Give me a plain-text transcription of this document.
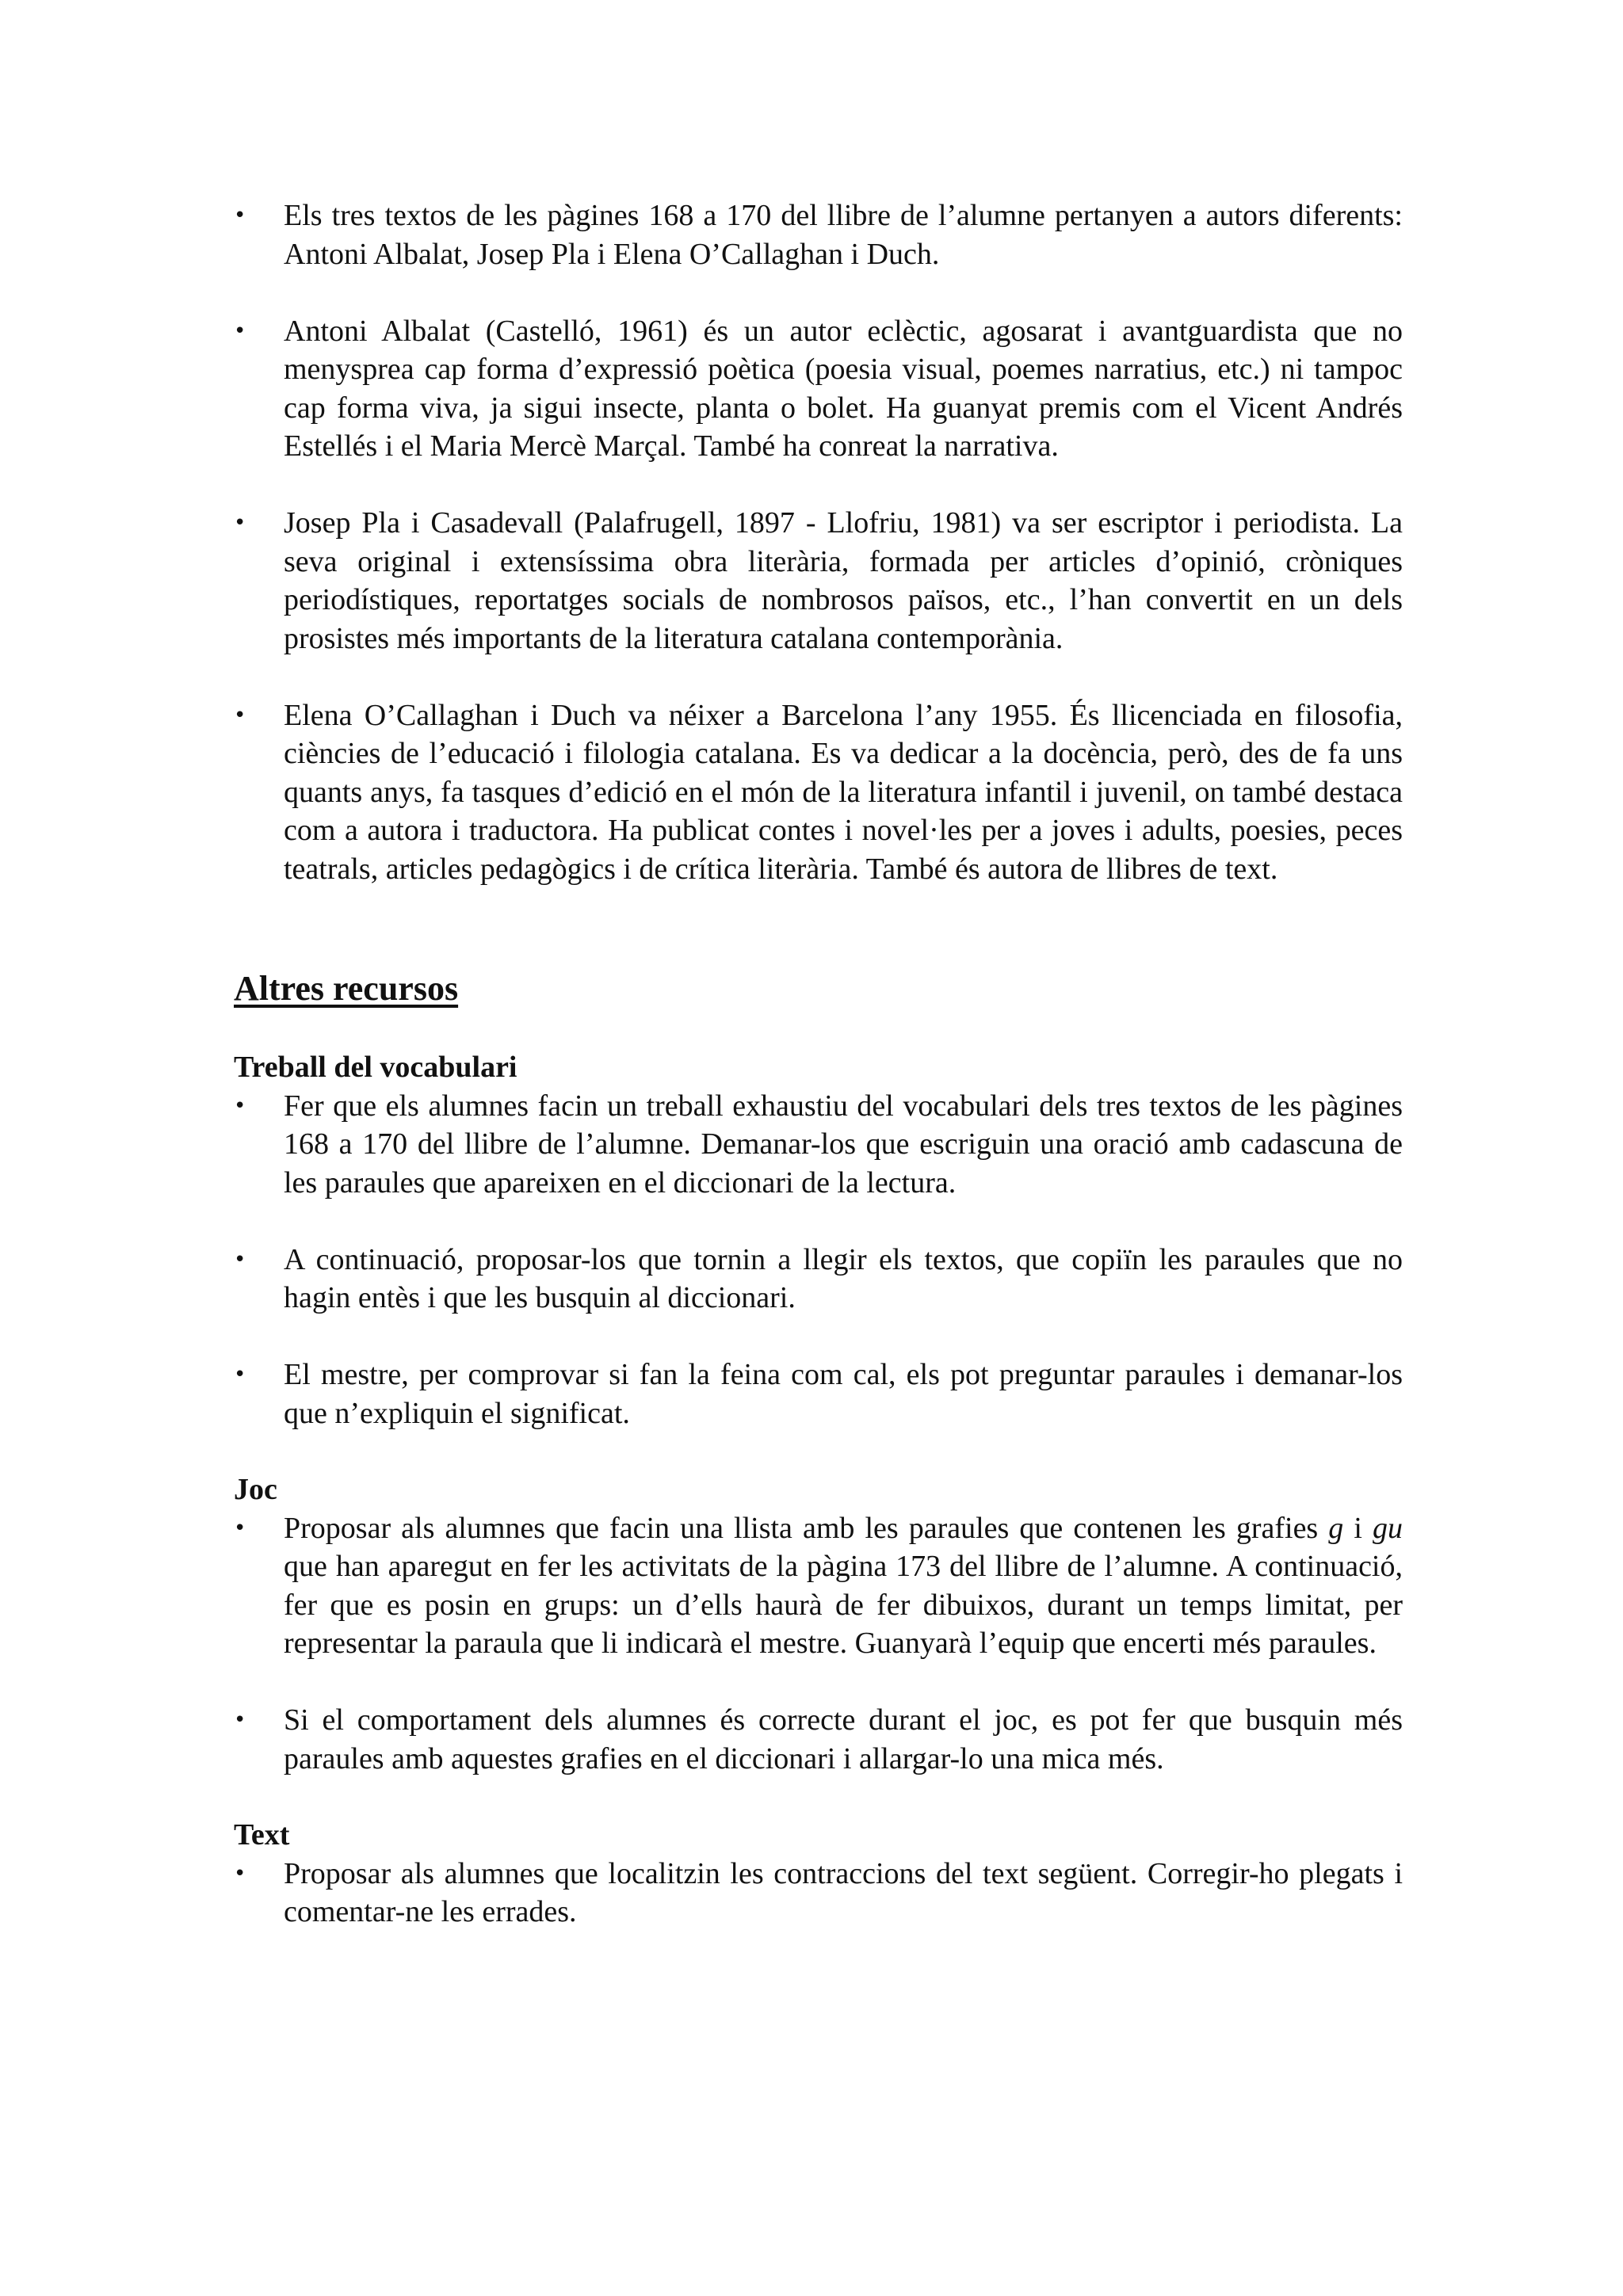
• Els tres textos de les pàgines 168 a 170 del llibre de l’alumne pertanyen a autors diferents: Antoni Albalat, Josep Pla i Elena O’Callaghan i Duch.
• Antoni Albalat (Castelló, 1961) és un autor eclèctic, agosarat i avantguardista que no menysprea cap forma d’expressió poètica (poesia visual, poemes narratius, etc.) ni tampoc cap forma viva, ja sigui insecte, planta o bolet. Ha guanyat premis com el Vicent Andrés Estellés i el Maria Mercè Marçal. També ha conreat la narrativa.
• Josep Pla i Casadevall (Palafrugell, 1897 - Llofriu, 1981) va ser escriptor i periodista. La seva original i extensíssima obra literària, formada per articles d’opinió, cròniques periodístiques, reportatges socials de nombrosos països, etc., l’han convertit en un dels prosistes més importants de la literatura catalana contemporània.
• Elena O’Callaghan i Duch va néixer a Barcelona l’any 1955. És llicenciada en filosofia, ciències de l’educació i filologia catalana. Es va dedicar a la docència, però, des de fa uns quants anys, fa tasques d’edició en el món de la literatura infantil i juvenil, on també destaca com a autora i traductora. Ha publicat contes i novel·les per a joves i adults, poesies, peces teatrals, articles pedagògics i de crítica literària. També és autora de llibres de text.
Altres recursos
Treball del vocabulari
• Fer que els alumnes facin un treball exhaustiu del vocabulari dels tres textos de les pàgines 168 a 170 del llibre de l’alumne. Demanar-los que escriguin una oració amb cadascuna de les paraules que apareixen en el diccionari de la lectura.
• A continuació, proposar-los que tornin a llegir els textos, que copiïn les paraules que no hagin entès i que les busquin al diccionari.
• El mestre, per comprovar si fan la feina com cal, els pot preguntar paraules i demanar-los que n’expliquin el significat.
Joc
• Proposar als alumnes que facin una llista amb les paraules que contenen les grafies g i gu que han aparegut en fer les activitats de la pàgina 173 del llibre de l’alumne. A continuació, fer que es posin en grups: un d’ells haurà de fer dibuixos, durant un temps limitat, per representar la paraula que li indicarà el mestre. Guanyarà l’equip que encerti més paraules.
• Si el comportament dels alumnes és correcte durant el joc, es pot fer que busquin més paraules amb aquestes grafies en el diccionari i allargar-lo una mica més.
Text
• Proposar als alumnes que localitzin les contraccions del text següent. Corregir-ho plegats i comentar-ne les errades.
